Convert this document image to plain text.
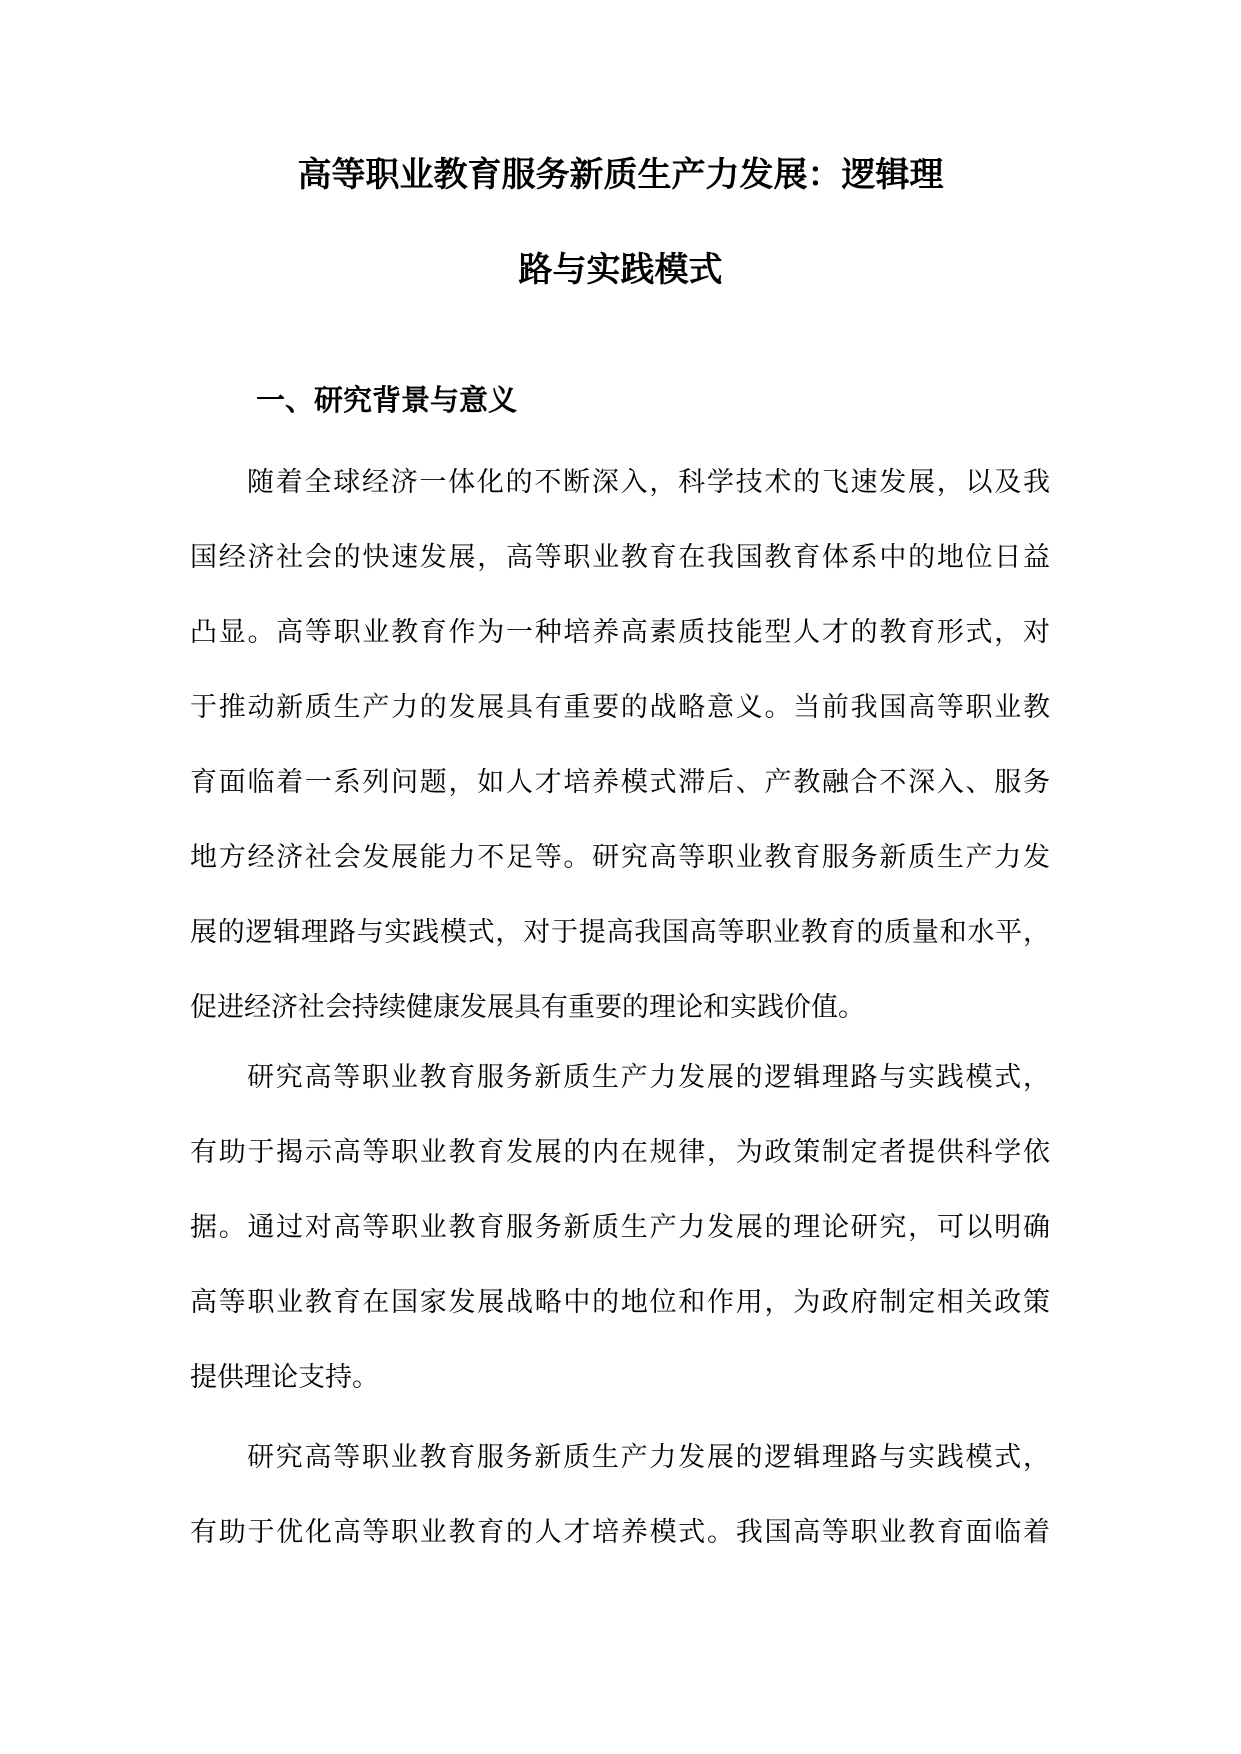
高等职业教育服务新质生产力发展：逻辑理
路与实践模式
一、研究背景与意义
随着全球经济一体化的不断深入，科学技术的飞速发展，以及我
国经济社会的快速发展，高等职业教育在我国教育体系中的地位日益
凸显。高等职业教育作为一种培养高素质技能型人才的教育形式，对
于推动新质生产力的发展具有重要的战略意义。当前我国高等职业教
育面临着一系列问题，如人才培养模式滞后、产教融合不深入、服务
地方经济社会发展能力不足等。研究高等职业教育服务新质生产力发
展的逻辑理路与实践模式，对于提高我国高等职业教育的质量和水平，
促进经济社会持续健康发展具有重要的理论和实践价值。
研究高等职业教育服务新质生产力发展的逻辑理路与实践模式，
有助于揭示高等职业教育发展的内在规律，为政策制定者提供科学依
据。通过对高等职业教育服务新质生产力发展的理论研究，可以明确
高等职业教育在国家发展战略中的地位和作用，为政府制定相关政策
提供理论支持。
研究高等职业教育服务新质生产力发展的逻辑理路与实践模式，
有助于优化高等职业教育的人才培养模式。我国高等职业教育面临着
